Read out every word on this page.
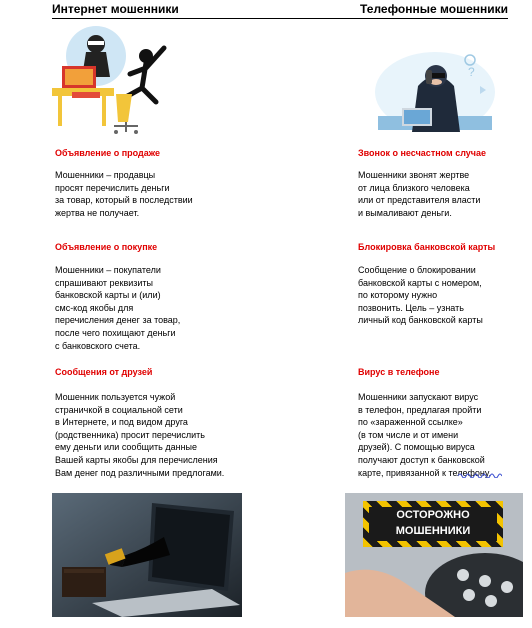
Интернет мошенники	Телефонные мошенники
?
Объявление о продаже
Мошенники – продавцы
просят перечислить деньги
за товар, который в последствии
жертва не получает.
Объявление о покупке
Мошенники – покупатели
спрашивают реквизиты
банковской карты и (или)
смс-код якобы для
перечисления денег за товар,
после чего похищают деньги
с банковского счета.
Сообщения от друзей
Мошенник пользуется чужой
страничкой в социальной сети
в Интернете, и под видом друга
(родственника) просит перечислить
ему деньги или сообщить данные
Вашей карты якобы для перечисления
Вам денег под различными предлогами.
Звонок о несчастном случае
Мошенники звонят жертве
от лица близкого человека
или от представителя власти
и вымаливают деньги.
Блокировка банковской карты
Сообщение о блокировании
банковской карты с номером,
по которому нужно
позвонить. Цель – узнать
личный код банковской карты
Вирус в телефоне
Мошенники запускают вирус
в телефон, предлагая пройти
по «зараженной ссылке»
(в том числе и от имени
друзей). С помощью вируса
получают доступ к банковской
карте, привязанной к телефону.
ОСТОРОЖНО
МОШЕННИКИ
